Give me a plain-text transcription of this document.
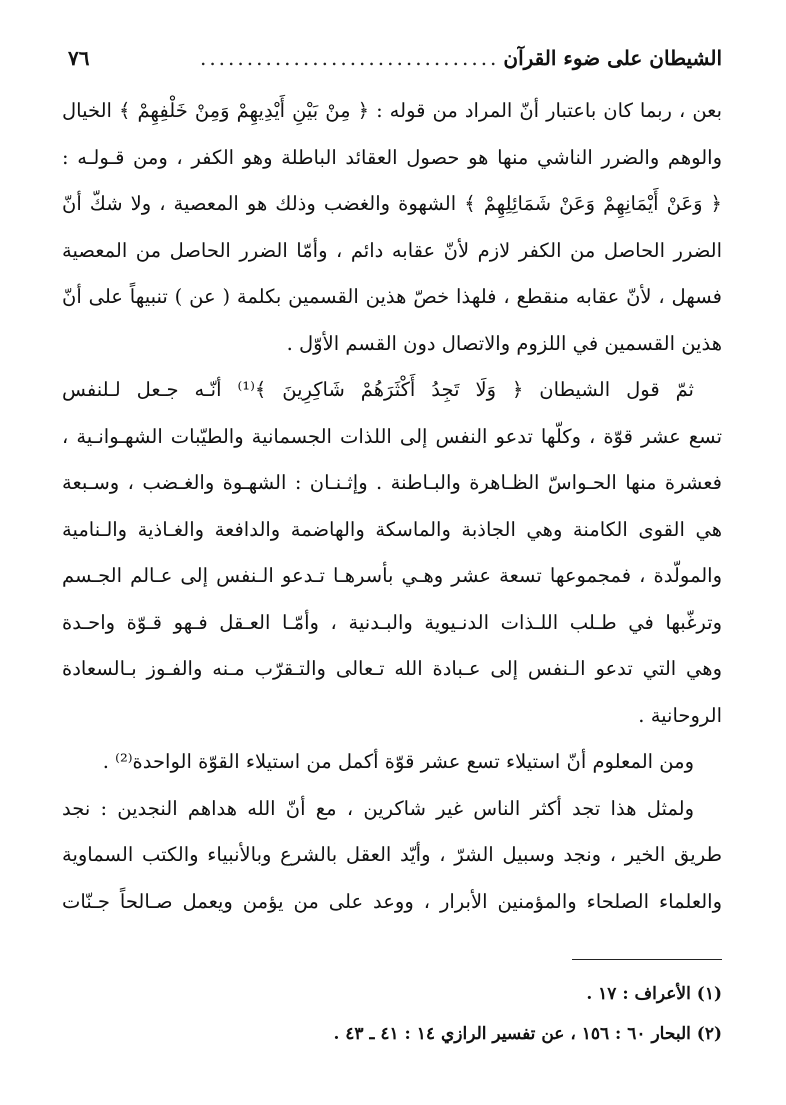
الشيطان على ضوء القرآن
................................
٧٦
بعن ، ربما كان باعتبار أنّ المراد من قوله : ﴿ مِنْ بَيْنِ أَيْدِيهِمْ وَمِنْ خَلْفِهِمْ ﴾ الخيال
والوهم والضرر الناشي منها هو حصول العقائد الباطلة وهو الكفر ، ومن قـولـه :
﴿ وَعَنْ أَيْمَانِهِمْ وَعَنْ شَمَائِلِهِمْ ﴾ الشهوة والغضب وذلك هو المعصية ، ولا شكّ أنّ
الضرر الحاصل من الكفر لازم لأنّ عقابه دائم ، وأمّا الضرر الحاصل من المعصية
فسهل ، لأنّ عقابه منقطع ، فلهذا خصّ هذين القسمين بكلمة ( عن ) تنبيهاً على أنّ
هذين القسمين في اللزوم والاتصال دون القسم الأوّل .
ثمّ قول الشيطان ﴿ وَلَا تَجِدُ أَكْثَرَهُمْ شَاكِرِينَ ﴾⁽¹⁾ أنّـه جـعل لـلنفس
تسع عشر قوّة ، وكلّها تدعو النفس إلى اللذات الجسمانية والطيّبات الشهـوانـية ،
فعشرة منها الحـواسّ الظـاهرة والبـاطنة . وإثـنـان : الشهـوة والغـضب ، وسـبعة
هي القوى الكامنة وهي الجاذبة والماسكة والهاضمة والدافعة والغـاذية والـنامية
والمولّدة ، فمجموعها تسعة عشر وهـي بأسرهـا تـدعو الـنفس إلى عـالم الجـسم
وترغّبها في طـلب اللـذات الدنـيوية والبـدنية ، وأمّـا العـقل فـهو قـوّة واحـدة
وهي التي تدعو الـنفس إلى عـبادة الله تـعالى والتـقرّب مـنه والفـوز بـالسعادة
الروحانية .
ومن المعلوم أنّ استيلاء تسع عشر قوّة أكمل من استيلاء القوّة الواحدة⁽²⁾ .
ولمثل هذا تجد أكثر الناس غير شاكرين ، مع أنّ الله هداهم النجدين : نجد
طريق الخير ، ونجد وسبيل الشرّ ، وأيّد العقل بالشرع وبالأنبياء والكتب السماوية
والعلماء الصلحاء والمؤمنين الأبرار ، ووعد على من يؤمن ويعمل صـالحاً جـنّات
(١) الأعراف : ١٧ .
(٢) البحار ٦٠ : ١٥٦ ، عن تفسير الرازي ١٤ : ٤١ ـ ٤٣ .
